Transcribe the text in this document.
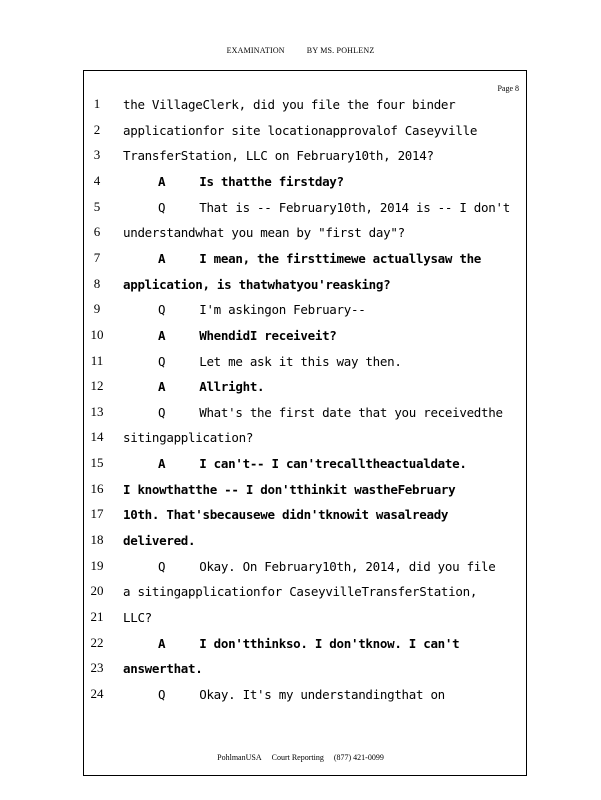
EXAMINATION	BY MS. POHLENZ
Page 8
1	the VillageClerk, did you file the four binder
2	applicationfor site locationapprovalof Caseyville
3	TransferStation, LLC on February10th, 2014?
4	A	Is thatthe firstday?
5	Q	That is -- February10th, 2014 is -- I don't
6	understandwhat you mean by "first day"?
7	A	I mean, the firsttimewe actuallysaw the
8	application, is thatwhatyou'reasking?
9	Q	I'm askingon February--
10	A	WhendidI receiveit?
11	Q	Let me ask it this way then.
12	A	Allright.
13	Q	What's the first date that you receivedthe
14 sitingapplication?
15	A	I can't-- I can'trecalltheactualdate.
16 I knowthatthe -- I don'tthinkit wastheFebruary
17 10th. That'sbecausewe didn'tknowit wasalready
18 delivered.
19	Q	Okay. On February10th, 2014, did you file
20 a sitingapplicationfor CaseyvilleTransferStation,
21 LLC?
22	A	I don'tthinkso. I don'tknow. I can't
23 answerthat.
24	Q	Okay. It's my understandingthat on
PohlmanUSA Court Reporting (877) 421-0099
